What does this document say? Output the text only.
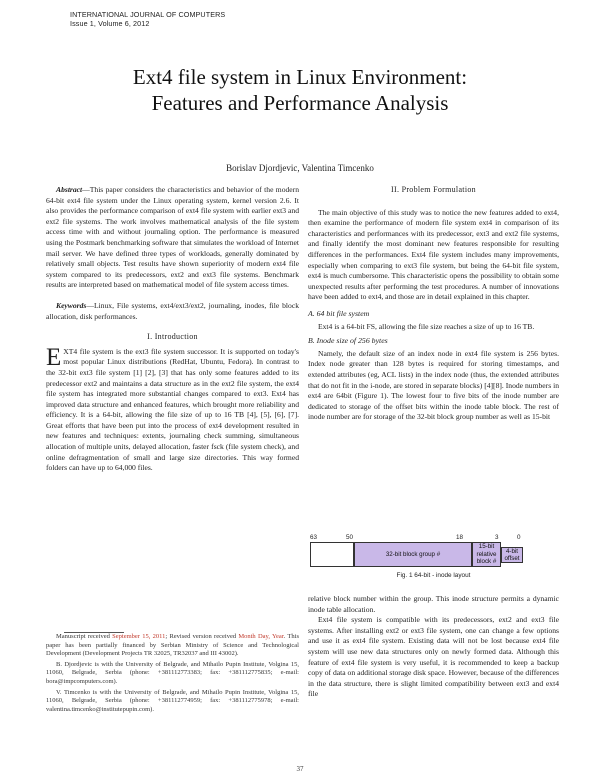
INTERNATIONAL JOURNAL OF COMPUTERS
Issue 1, Volume 6, 2012
Ext4 file system in Linux Environment:
Features and Performance Analysis
Borislav Djordjevic, Valentina Timcenko

Abstract—This paper considers the characteristics and behavior of the modern 64-bit ext4 file system under the Linux operating system, kernel version 2.6. It also provides the performance comparison of ext4 file system with earlier ext3 and ext2 file systems. The work involves mathematical analysis of the file system access time with and without journaling option. The performance is measured using the Postmark benchmarking software that simulates the workload of Internet mail server. We have defined three types of workloads, generally dominated by relatively small objects. Test results have shown superiority of modern ext4 file system compared to its predecessors, ext2 and ext3 file systems. Benchmark results are interpreted based on mathematical model of file system access times.

Keywords—Linux, File systems, ext4/ext3/ext2, journaling, inodes, file block allocation, disk performances.

I. Introduction

EXT4 file system is the ext3 file system successor. It is supported on today's most popular Linux distributions (RedHat, Ubuntu, Fedora). In contrast to the 32-bit ext3 file system [1] [2], [3] that has only some features added to its predecessor ext2 and maintains a data structure as in the ext2 file system, the ext4 file system has integrated more substantial changes compared to ext3. Ext4 has improved data structure and enhanced features, which brought more reliability and efficiency. It is a 64-bit, allowing the file size of up to 16 TB [4], [5], [6], [7]. Great efforts that have been put into the process of ext4 development resulted in new features and techniques: extents, journaling check summing, simultaneous allocation of multiple units, delayed allocation, faster fsck (file system check), and online defragmentation of small and large size directories. This way formed folders can have up to 64,000 files.

Manuscript received September 15, 2011; Revised version received Month Day, Year. This paper has been partially financed by Serbian Ministry of Science and Technological Development (Development Projects TR 32025, TR32037 and III 43002).

B. Djordjevic is with the University of Belgrade, and Mihailo Pupin Institute, Volgina 15, 11060, Belgrade, Serbia (phone: +381112773383; fax: +381112775835; e-mail: bora@impcomputers.com).

V. Timcenko is with the University of Belgrade, and Mihailo Pupin Institute, Volgina 15, 11060, Belgrade, Serbia (phone: +381112774959; fax: +381112775978; e-mail: valentina.timcenko@institutepupin.com).

II. Problem Formulation

The main objective of this study was to notice the new features added to ext4, then examine the performance of modern file system ext4 in comparison of its characteristics and performances with its predecessor, ext3 and ext2 file systems, and finally identify the most dominant new features responsible for resulting differences in the performances. Ext4 file system includes many improvements, especially when comparing to ext3 file system, but being the 64-bit file system, ext4 is much cumbersome. This characteristic opens the possibility to obtain some unexpected results after performing the test procedures. A number of innovations have been added to ext4, and those are in detail explained in this chapter.

A. 64 bit file system

Ext4 is a 64-bit FS, allowing the file size reaches a size of up to 16 TB.

B. Inode size of 256 bytes

Namely, the default size of an index node in ext4 file system is 256 bytes. Index node greater than 128 bytes is required for storing timestamps, and extended attributes (eg, ACL lists) in the index node (thus, the extended attributes that do not fit in the i-node, are stored in separate blocks) [4][8]. Inode numbers in ext4 are 64bit (Figure 1). The lowest four to five bits of the inode number are dedicated to storage of the offset bits within the inode table block. The rest of inode number are for storage of the 32-bit block group number as well as 15-bit

63	50	18	3	0
32-bit block group #
15-bit relative block #
4-bit offset
Fig. 1 64-bit - inode layout

relative block number within the group. This inode structure permits a dynamic inode table allocation.

Ext4 file system is compatible with its predecessors, ext2 and ext3 file systems. After installing ext2 or ext3 file system, one can change a few options and use it as ext4 file system. Existing data will not be lost because ext4 file system will use new data structures only on newly formed data. Although this feature of ext4 file system is very useful, it is recommended to keep a backup copy of data on additional storage disk space. However, because of the differences in the data structure, there is slight limited compatibility between ext3 and ext4 file

37
